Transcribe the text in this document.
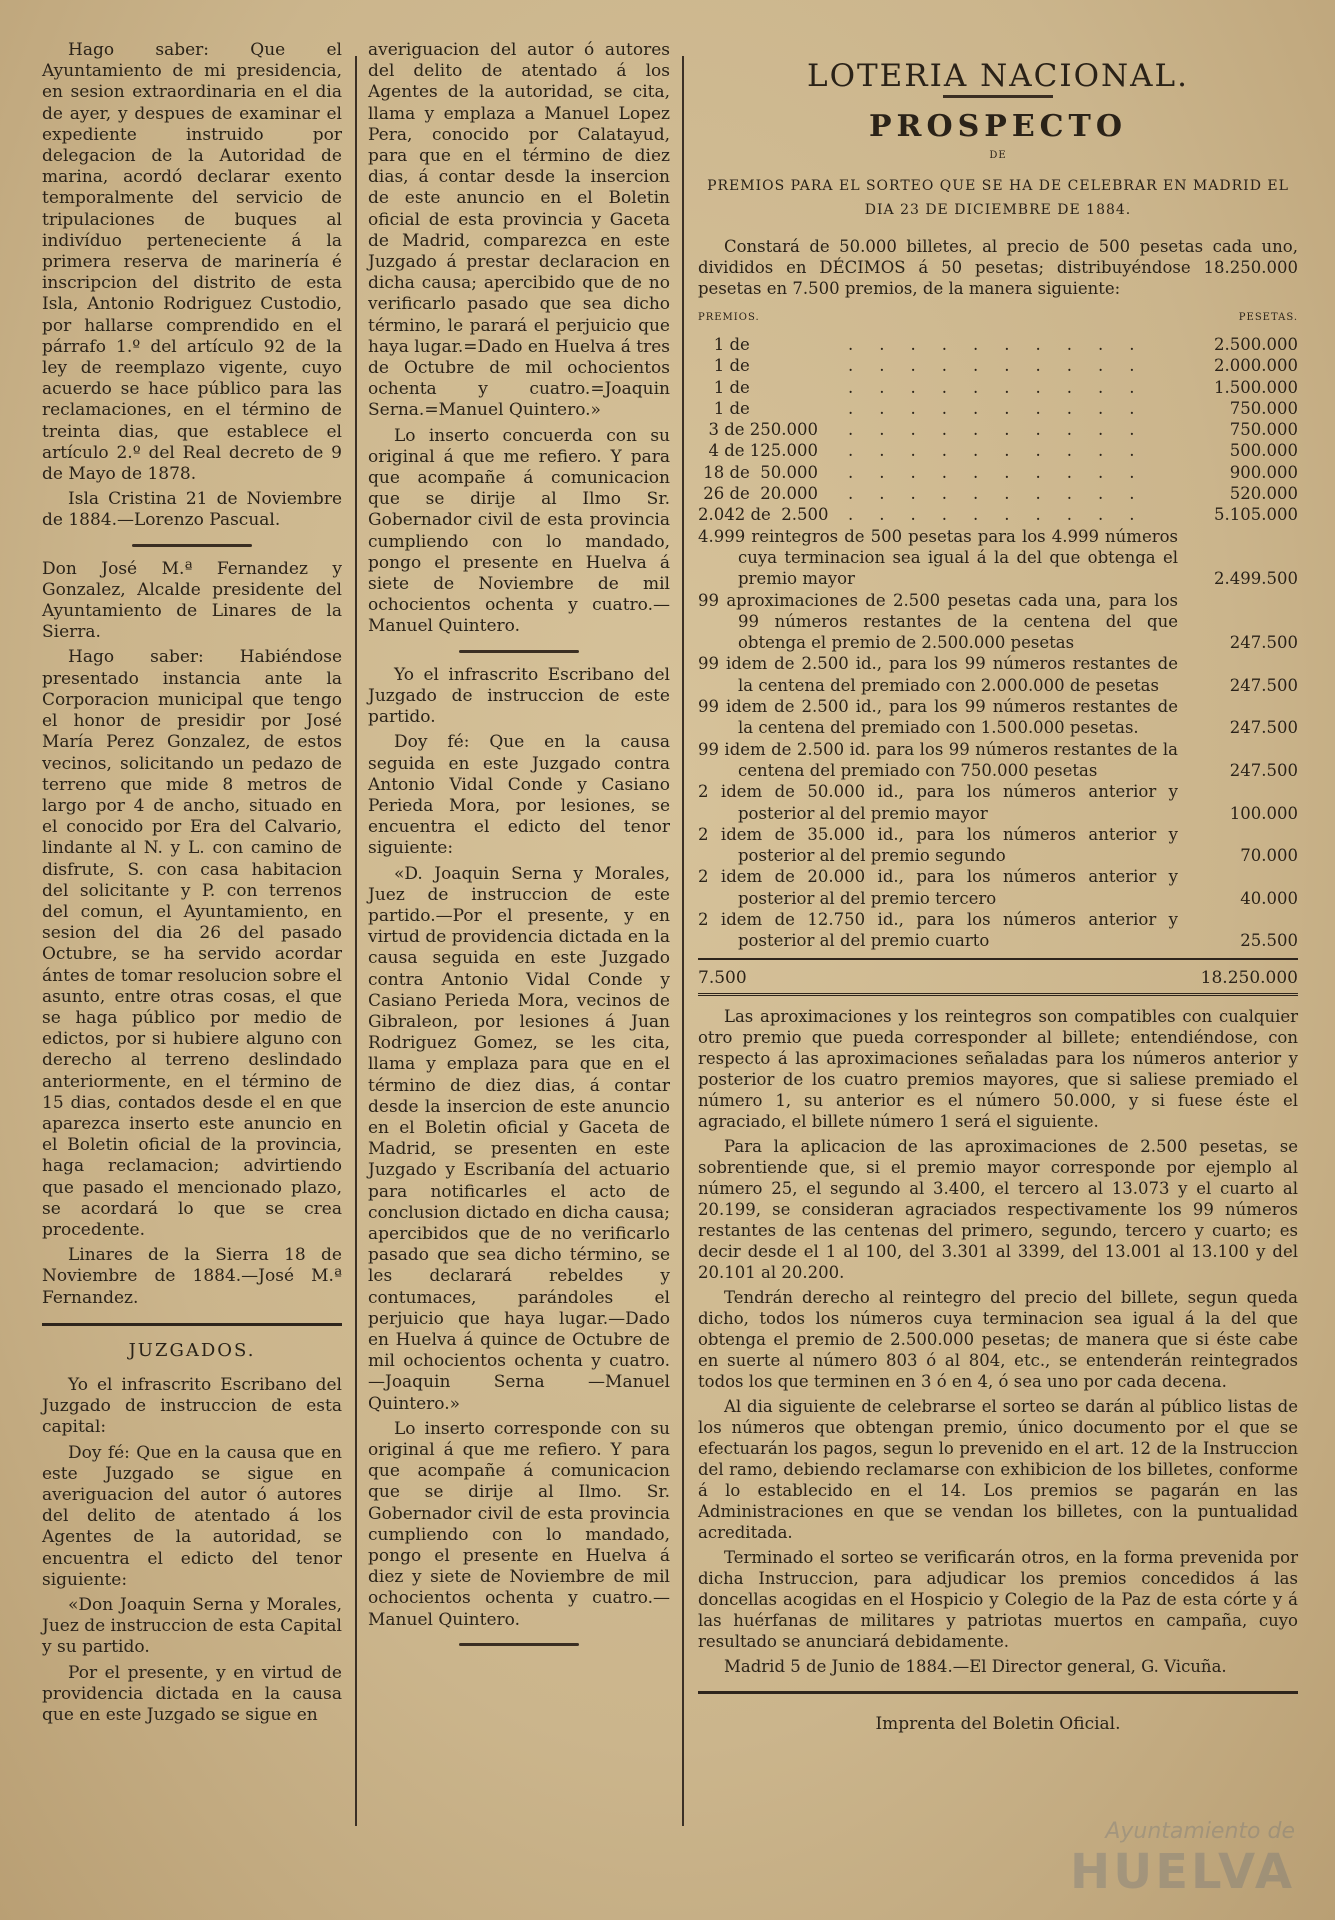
Hago saber: Que el Ayuntamiento de mi presidencia, en sesion extraordinaria en el dia de ayer, y despues de examinar el expediente instruido por delegacion de la Autoridad de marina, acordó declarar exento temporalmente del servicio de tripulaciones de buques al indivíduo perteneciente á la primera reserva de marinería é inscripcion del distrito de esta Isla, Antonio Rodriguez Custodio, por hallarse comprendido en el párrafo 1.º del artículo 92 de la ley de reemplazo vigente, cuyo acuerdo se hace público para las reclamaciones, en el término de treinta dias, que establece el artículo 2.º del Real decreto de 9 de Mayo de 1878.

Isla Cristina 21 de Noviembre de 1884.—Lorenzo Pascual.

Don José M.ª Fernandez y Gonzalez, Alcalde presidente del Ayuntamiento de Linares de la Sierra.

Hago saber: Habiéndose presentado instancia ante la Corporacion municipal que tengo el honor de presidir por José María Perez Gonzalez, de estos vecinos, solicitando un pedazo de terreno que mide 8 metros de largo por 4 de ancho, situado en el conocido por Era del Calvario, lindante al N. y L. con camino de disfrute, S. con casa habitacion del solicitante y P. con terrenos del comun, el Ayuntamiento, en sesion del dia 26 del pasado Octubre, se ha servido acordar ántes de tomar resolucion sobre el asunto, entre otras cosas, el que se haga público por medio de edictos, por si hubiere alguno con derecho al terreno deslindado anteriormente, en el término de 15 dias, contados desde el en que aparezca inserto este anuncio en el Boletin oficial de la provincia, haga reclamacion; advirtiendo que pasado el mencionado plazo, se acordará lo que se crea procedente.

Linares de la Sierra 18 de Noviembre de 1884.—José M.ª Fernandez.

JUZGADOS.

Yo el infrascrito Escribano del Juzgado de instruccion de esta capital:

Doy fé: Que en la causa que en este Juzgado se sigue en averiguacion del autor ó autores del delito de atentado á los Agentes de la autoridad, se encuentra el edicto del tenor siguiente:

«Don Joaquin Serna y Morales, Juez de instruccion de esta Capital y su partido.

Por el presente, y en virtud de providencia dictada en la causa que en este Juzgado se sigue en

averiguacion del autor ó autores del delito de atentado á los Agentes de la autoridad, se cita, llama y emplaza a Manuel Lopez Pera, conocido por Calatayud, para que en el término de diez dias, á contar desde la insercion de este anuncio en el Boletin oficial de esta provincia y Gaceta de Madrid, comparezca en este Juzgado á prestar declaracion en dicha causa; apercibido que de no verificarlo pasado que sea dicho término, le parará el perjuicio que haya lugar.=Dado en Huelva á tres de Octubre de mil ochocientos ochenta y cuatro.=Joaquin Serna.=Manuel Quintero.»

Lo inserto concuerda con su original á que me refiero. Y para que acompañe á comunicacion que se dirije al Ilmo Sr. Gobernador civil de esta provincia cumpliendo con lo mandado, pongo el presente en Huelva á siete de Noviembre de mil ochocientos ochenta y cuatro.—Manuel Quintero.

Yo el infrascrito Escribano del Juzgado de instruccion de este partido.

Doy fé: Que en la causa seguida en este Juzgado contra Antonio Vidal Conde y Casiano Perieda Mora, por lesiones, se encuentra el edicto del tenor siguiente:

«D. Joaquin Serna y Morales, Juez de instruccion de este partido.—Por el presente, y en virtud de providencia dictada en la causa seguida en este Juzgado contra Antonio Vidal Conde y Casiano Perieda Mora, vecinos de Gibraleon, por lesiones á Juan Rodriguez Gomez, se les cita, llama y emplaza para que en el término de diez dias, á contar desde la insercion de este anuncio en el Boletin oficial y Gaceta de Madrid, se presenten en este Juzgado y Escribanía del actuario para notificarles el acto de conclusion dictado en dicha causa; apercibidos que de no verificarlo pasado que sea dicho término, se les declarará rebeldes y contumaces, parándoles el perjuicio que haya lugar.—Dado en Huelva á quince de Octubre de mil ochocientos ochenta y cuatro.—Joaquin Serna —Manuel Quintero.»

Lo inserto corresponde con su original á que me refiero. Y para que acompañe á comunicacion que se dirije al Ilmo. Sr. Gobernador civil de esta provincia cumpliendo con lo mandado, pongo el presente en Huelva á diez y siete de Noviembre de mil ochocientos ochenta y cuatro.—Manuel Quintero.

LOTERIA NACIONAL.
PROSPECTO
DE
PREMIOS PARA EL SORTEO QUE SE HA DE CELEBRAR EN MADRID EL DIA 23 DE DICIEMBRE DE 1884.

Constará de 50.000 billetes, al precio de 500 pesetas cada uno, divididos en DÉCIMOS á 50 pesetas; distribuyéndose 18.250.000 pesetas en 7.500 premios, de la manera siguiente:

PREMIOS.	PESETAS.
1 de	..........	2.500.000
1 de	..........	2.000.000
1 de	..........	1.500.000
1 de	..........	750.000
3 de 250.000	..........	750.000
4 de 125.000	..........	500.000
18 de  50.000	..........	900.000
26 de  20.000	..........	520.000
2.042 de  2.500	..........	5.105.000
4.999 reintegros de 500 pesetas para los 4.999 números cuya terminacion sea igual á la del que obtenga el premio mayor	2.499.500
99 aproximaciones de 2.500 pesetas cada una, para los 99 números restantes de la centena del que obtenga el premio de 2.500.000 pesetas	247.500
99 idem de 2.500 id., para los 99 números restantes de la centena del premiado con 2.000.000 de pesetas	247.500
99 idem de 2.500 id., para los 99 números restantes de la centena del premiado con 1.500.000 pesetas.	247.500
99 idem de 2.500 id. para los 99 números restantes de la centena del premiado con 750.000 pesetas	247.500
2 idem de 50.000 id., para los números anterior y posterior al del premio mayor	100.000
2 idem de 35.000 id., para los números anterior y posterior al del premio segundo	70.000
2 idem de 20.000 id., para los números anterior y posterior al del premio tercero	40.000
2 idem de 12.750 id., para los números anterior y posterior al del premio cuarto	25.500
7.500	18.250.000

Las aproximaciones y los reintegros son compatibles con cualquier otro premio que pueda corresponder al billete; entendiéndose, con respecto á las aproximaciones señaladas para los números anterior y posterior de los cuatro premios mayores, que si saliese premiado el número 1, su anterior es el número 50.000, y si fuese éste el agraciado, el billete número 1 será el siguiente.

Para la aplicacion de las aproximaciones de 2.500 pesetas, se sobrentiende que, si el premio mayor corresponde por ejemplo al número 25, el segundo al 3.400, el tercero al 13.073 y el cuarto al 20.199, se consideran agraciados respectivamente los 99 números restantes de las centenas del primero, segundo, tercero y cuarto; es decir desde el 1 al 100, del 3.301 al 3399, del 13.001 al 13.100 y del 20.101 al 20.200.

Tendrán derecho al reintegro del precio del billete, segun queda dicho, todos los números cuya terminacion sea igual á la del que obtenga el premio de 2.500.000 pesetas; de manera que si éste cabe en suerte al número 803 ó al 804, etc., se entenderán reintegrados todos los que terminen en 3 ó en 4, ó sea uno por cada decena.

Al dia siguiente de celebrarse el sorteo se darán al público listas de los números que obtengan premio, único documento por el que se efectuarán los pagos, segun lo prevenido en el art. 12 de la Instruccion del ramo, debiendo reclamarse con exhibicion de los billetes, conforme á lo establecido en el 14. Los premios se pagarán en las Administraciones en que se vendan los billetes, con la puntualidad acreditada.

Terminado el sorteo se verificarán otros, en la forma prevenida por dicha Instruccion, para adjudicar los premios concedidos á las doncellas acogidas en el Hospicio y Colegio de la Paz de esta córte y á las huérfanas de militares y patriotas muertos en campaña, cuyo resultado se anunciará debidamente.

Madrid 5 de Junio de 1884.—El Director general, G. Vicuña.

Imprenta del Boletin Oficial.
Ayuntamiento de
HUELVA
